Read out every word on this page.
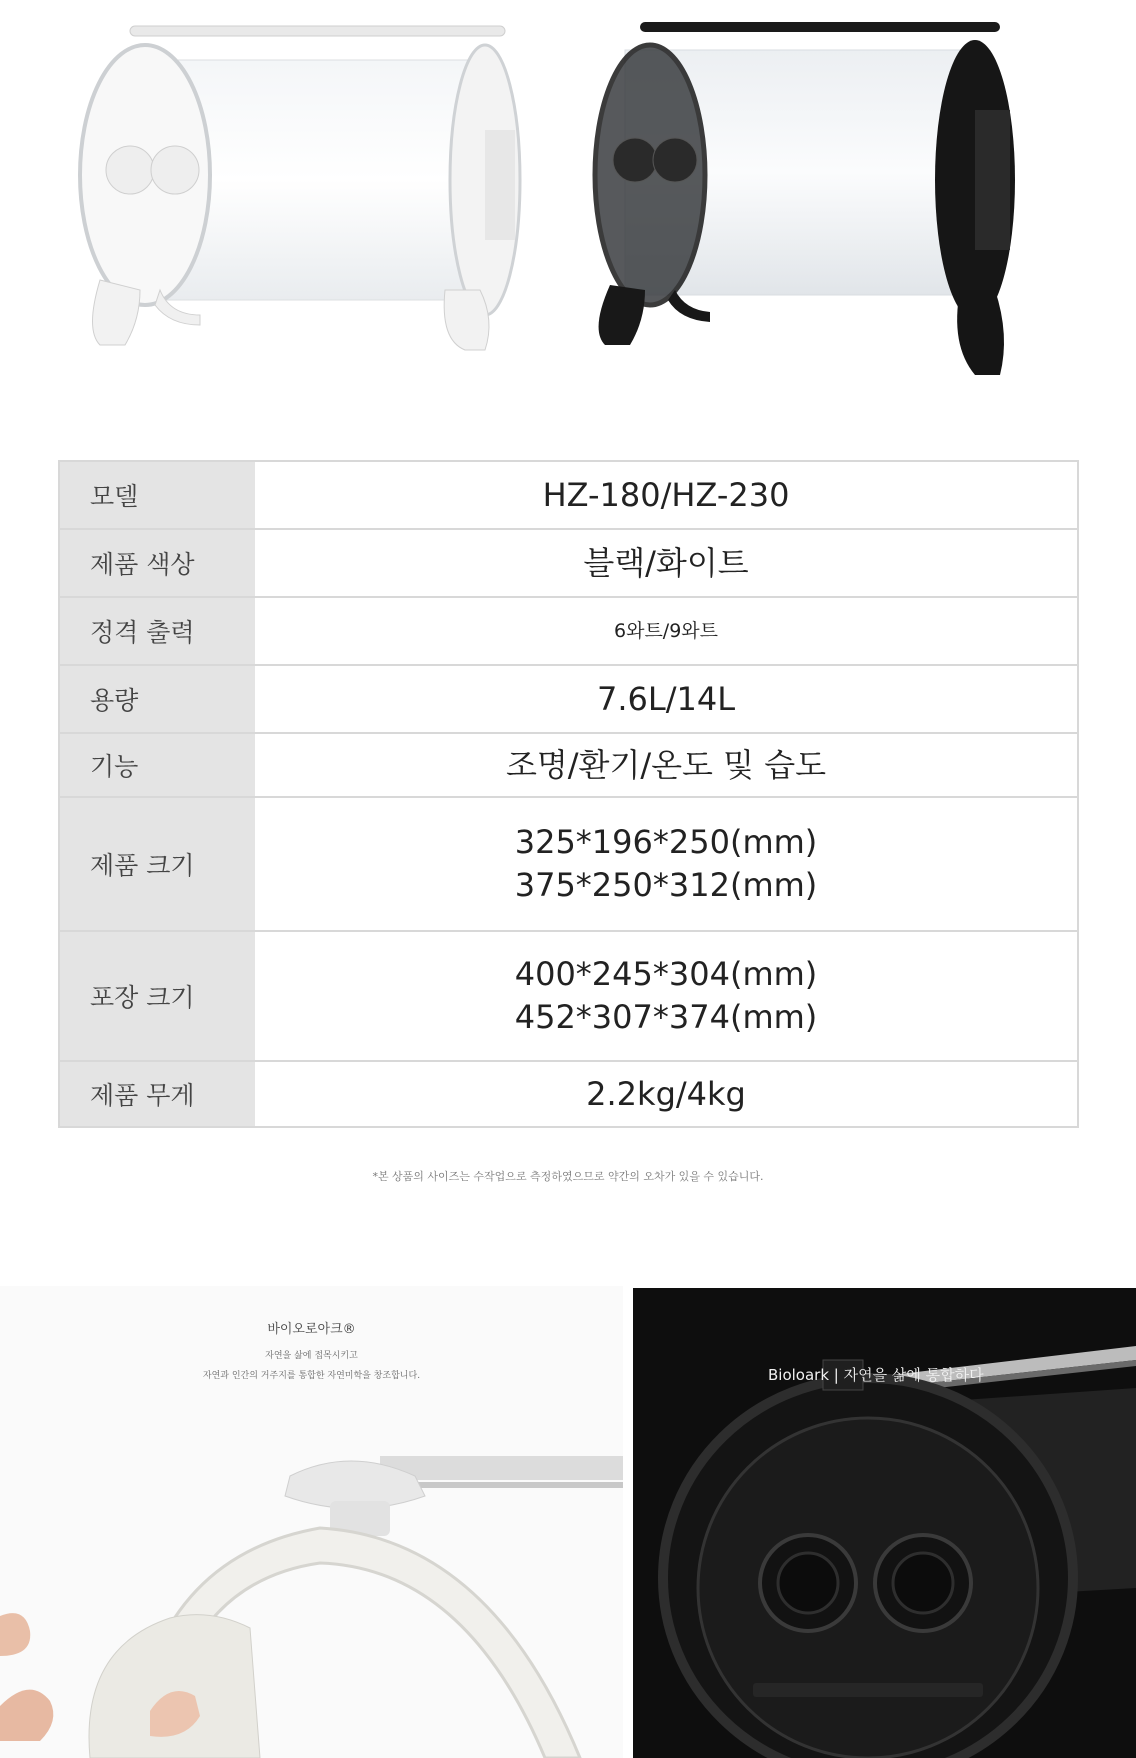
모델	HZ-180/HZ-230
제품 색상	블랙/화이트
정격 출력	6와트/9와트
용량	7.6L/14L
기능	조명/환기/온도 및 습도
제품 크기	325*196*250(mm)
375*250*312(mm)

포장 크기	400*245*304(mm)
452*307*374(mm)

제품 무게	2.2kg/4kg
*본 상품의 사이즈는 수작업으로 측정하였으므로 약간의 오차가 있을 수 있습니다.
바이오로아크®
자연을 삶에 접목시키고
자연과 인간의 거주지를 통합한 자연미학을 창조합니다.	Bioloark | 자연을 삶에 통합하다
